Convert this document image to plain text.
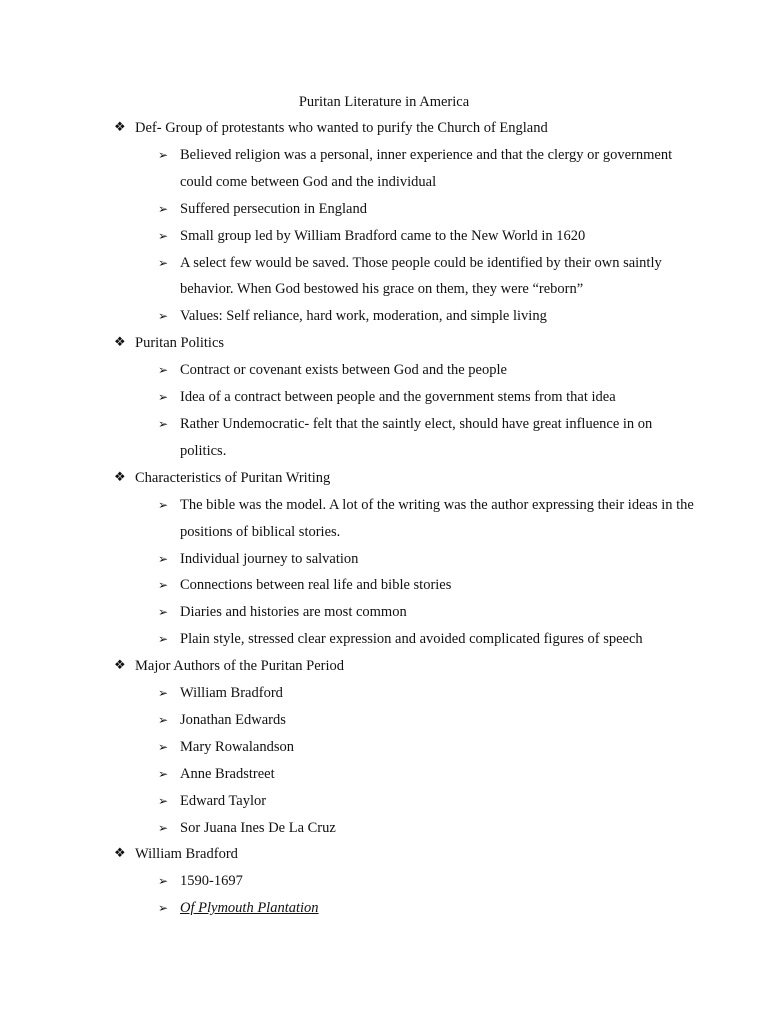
Puritan Literature in America
❖ Def- Group of protestants who wanted to purify the Church of England
➢ Believed religion was a personal, inner experience and that the clergy or government could come between God and the individual
➢ Suffered persecution in England
➢ Small group led by William Bradford came to the New World in 1620
➢ A select few would be saved. Those people could be identified by their own saintly behavior. When God bestowed his grace on them, they were “reborn”
➢ Values: Self reliance, hard work, moderation, and simple living
❖ Puritan Politics
➢ Contract or covenant exists between God and the people
➢ Idea of a contract between people and the government stems from that idea
➢ Rather Undemocratic- felt that the saintly elect, should have great influence in on politics.
❖ Characteristics of Puritan Writing
➢ The bible was the model. A lot of the writing was the author expressing their ideas in the positions of biblical stories.
➢ Individual journey to salvation
➢ Connections between real life and bible stories
➢ Diaries and histories are most common
➢ Plain style, stressed clear expression and avoided complicated figures of speech
❖ Major Authors of the Puritan Period
➢ William Bradford
➢ Jonathan Edwards
➢ Mary Rowalandson
➢ Anne Bradstreet
➢ Edward Taylor
➢ Sor Juana Ines De La Cruz
❖ William Bradford
➢ 1590-1697
➢ Of Plymouth Plantation
